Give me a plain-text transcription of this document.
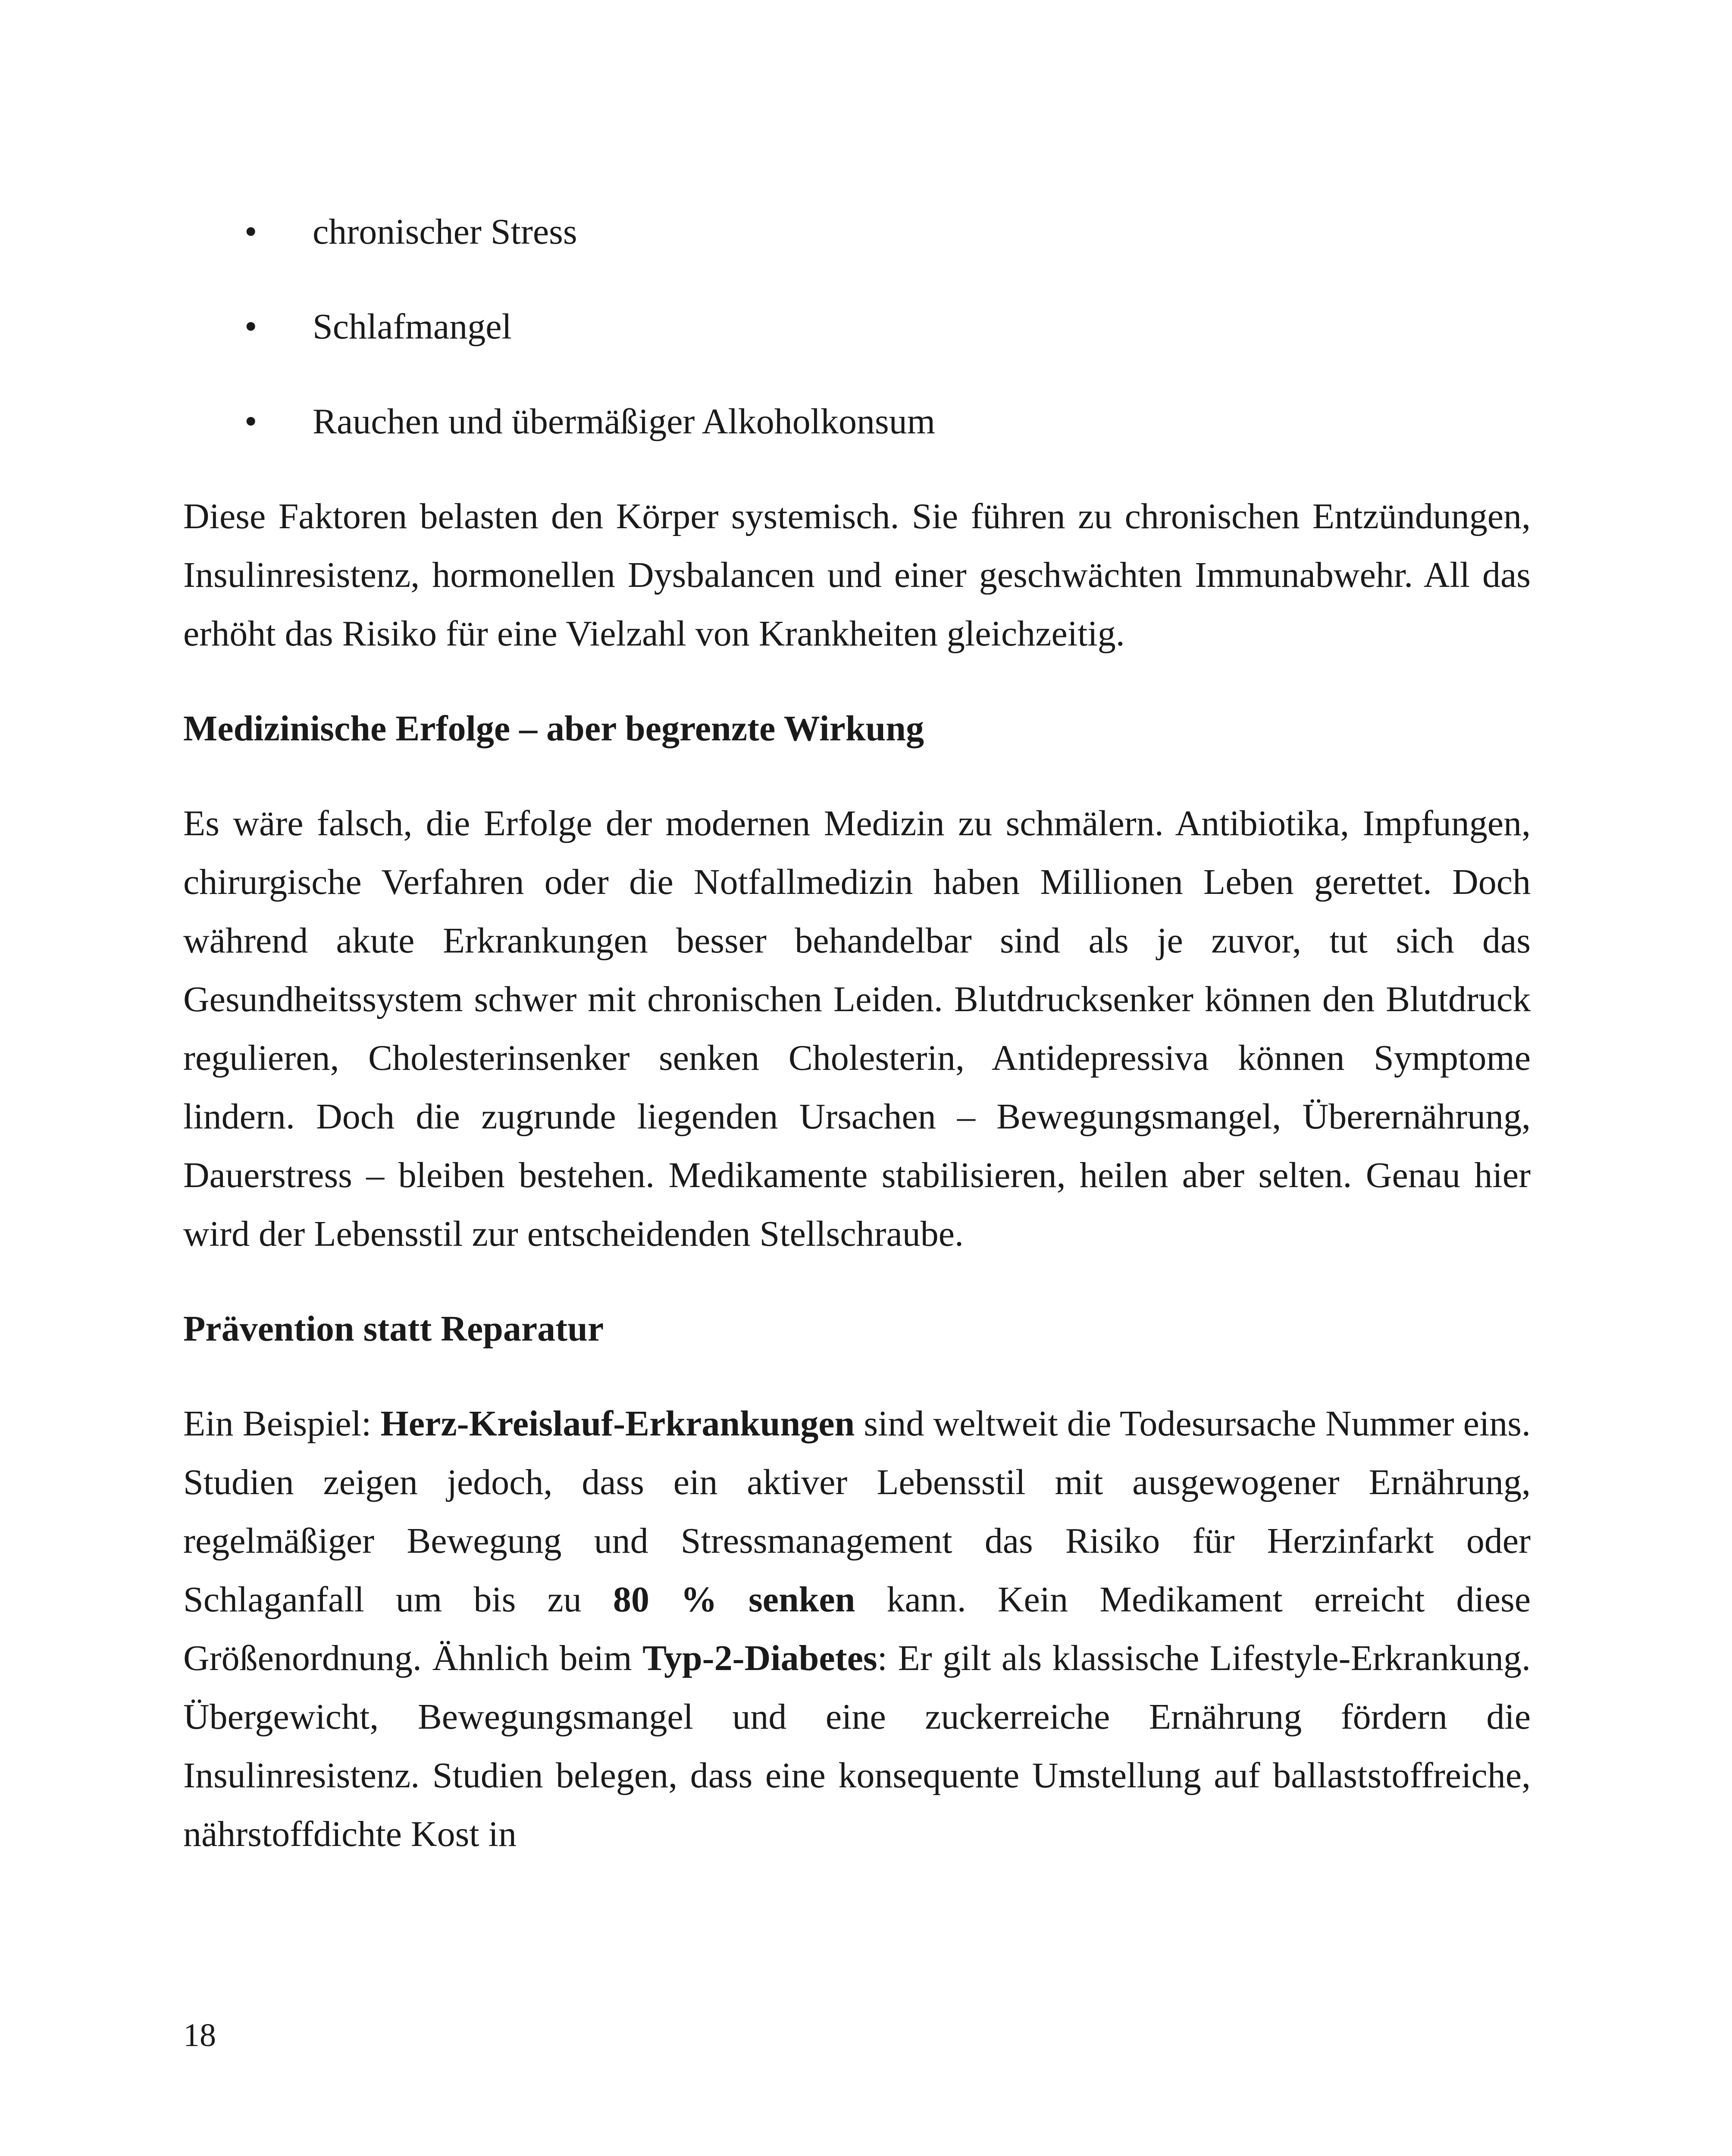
• chronischer Stress
• Schlafmangel
• Rauchen und übermäßiger Alkoholkonsum

Diese Faktoren belasten den Körper systemisch. Sie führen zu chronischen Entzündungen, Insulinresistenz, hormonellen Dysbalancen und einer geschwächten Immunabwehr. All das erhöht das Risiko für eine Vielzahl von Krankheiten gleichzeitig.

Medizinische Erfolge – aber begrenzte Wirkung

Es wäre falsch, die Erfolge der modernen Medizin zu schmälern. Antibiotika, Impfungen, chirurgische Verfahren oder die Notfallmedizin haben Millionen Leben gerettet. Doch während akute Erkrankungen besser behandelbar sind als je zuvor, tut sich das Gesundheitssystem schwer mit chronischen Leiden. Blutdrucksenker können den Blutdruck regulieren, Cholesterinsenker senken Cholesterin, Antidepressiva können Symptome lindern. Doch die zugrunde liegenden Ursachen – Bewegungsmangel, Überernährung, Dauerstress – bleiben bestehen. Medikamente stabilisieren, heilen aber selten. Genau hier wird der Lebensstil zur entscheidenden Stellschraube.

Prävention statt Reparatur

Ein Beispiel: Herz-Kreislauf-Erkrankungen sind weltweit die Todesursache Nummer eins. Studien zeigen jedoch, dass ein aktiver Lebensstil mit ausgewogener Ernährung, regelmäßiger Bewegung und Stressmanagement das Risiko für Herzinfarkt oder Schlaganfall um bis zu 80 % senken kann. Kein Medikament erreicht diese Größenordnung. Ähnlich beim Typ-2-Diabetes: Er gilt als klassische Lifestyle-Erkrankung. Übergewicht, Bewegungsmangel und eine zuckerreiche Ernährung fördern die Insulinresistenz. Studien belegen, dass eine konsequente Umstellung auf ballaststoffreiche, nährstoffdichte Kost in

18
